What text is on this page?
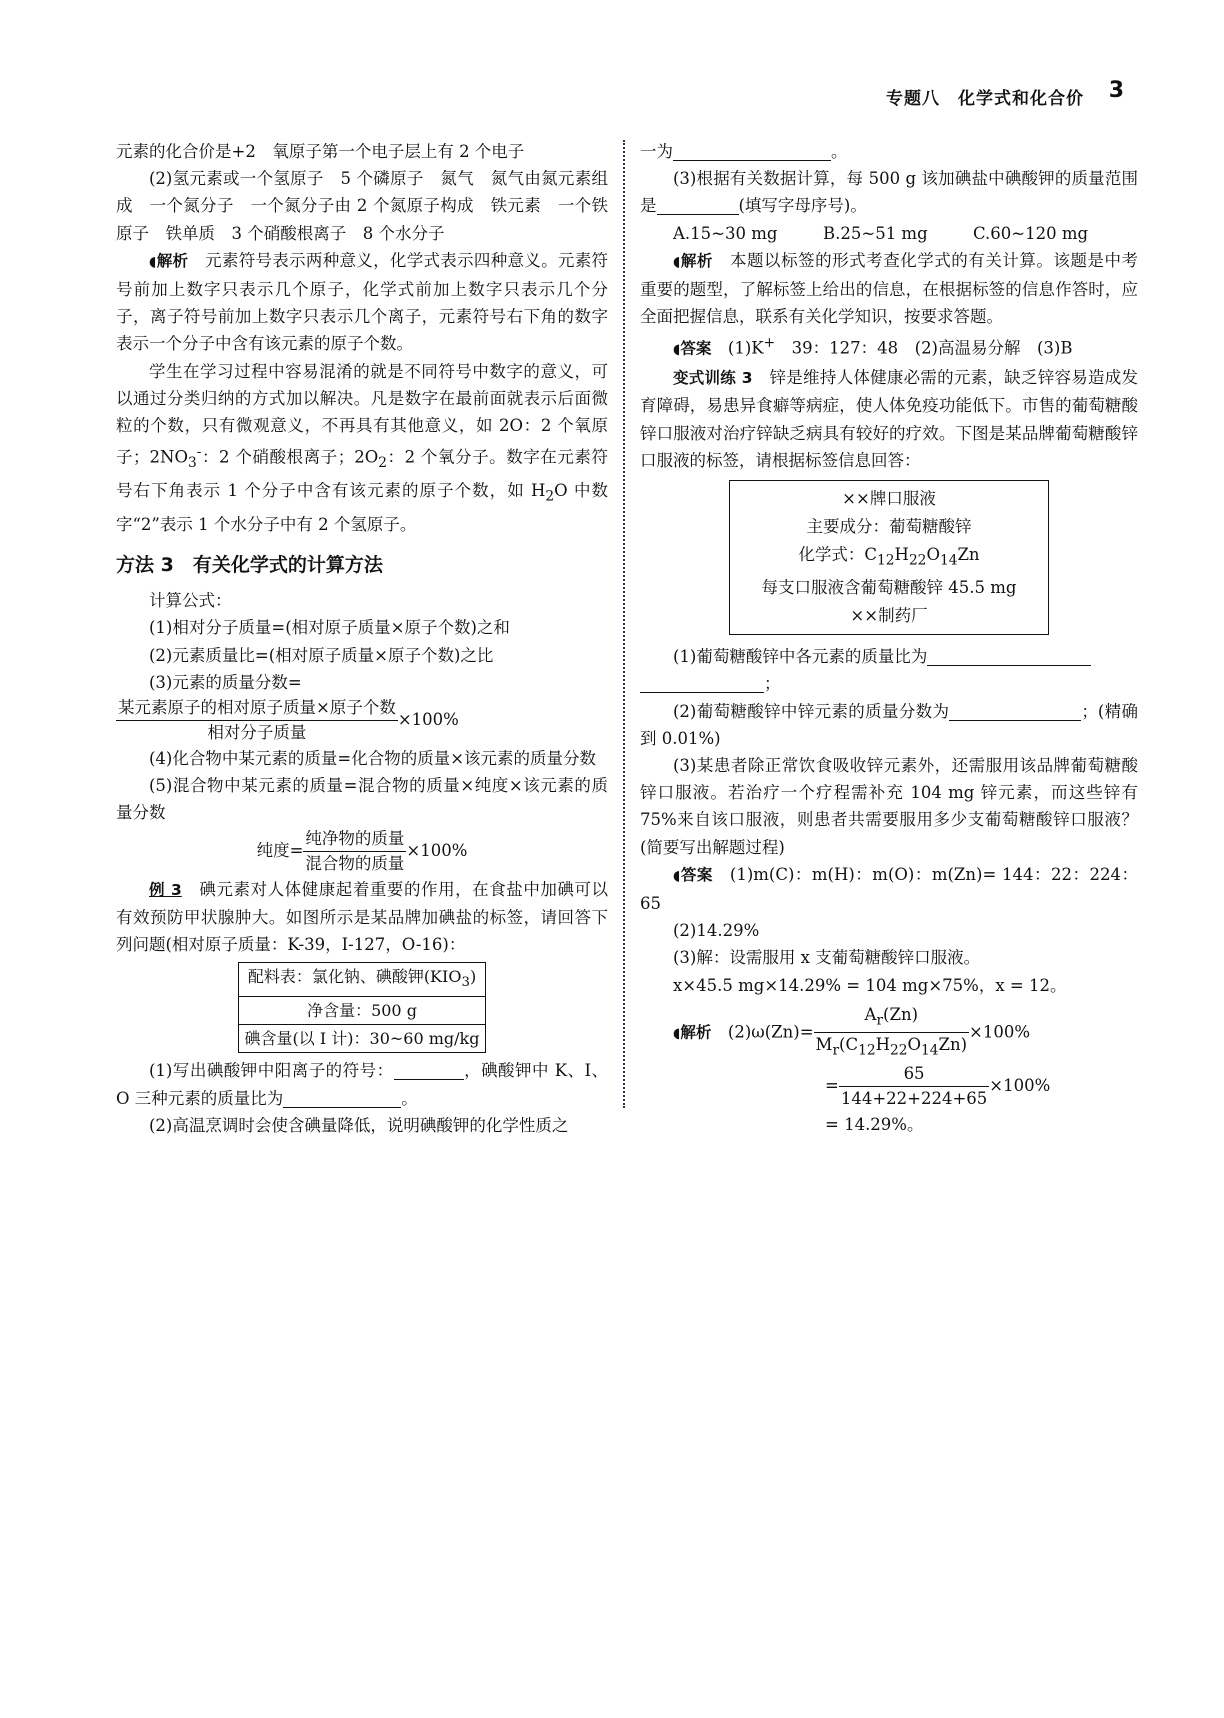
专题八　化学式和化合价 3

元素的化合价是+2　氧原子第一个电子层上有 2 个电子

(2)氢元素或一个氢原子　5 个磷原子　氮气　氮气由氮元素组成　一个氮分子　一个氮分子由 2 个氮原子构成　铁元素　一个铁原子　铁单质　3 个硝酸根离子　8 个水分子

◖解析　 元素符号表示两种意义，化学式表示四种意义。元素符号前加上数字只表示几个原子，化学式前加上数字只表示几个分子，离子符号前加上数字只表示几个离子，元素符号右下角的数字表示一个分子中含有该元素的原子个数。

学生在学习过程中容易混淆的就是不同符号中数字的意义，可以通过分类归纳的方式加以解决。凡是数字在最前面就表示后面微粒的个数，只有微观意义，不再具有其他意义，如 2O：2 个氧原子；$2NO_3^-$：2 个硝酸根离子；$2O_2$：2 个氧分子。数字在元素符号右下角表示 1 个分子中含有该元素的原子个数，如 $H_2O$ 中数字“2”表示 1 个水分子中有 2 个氢原子。

方法 3　有关化学式的计算方法

计算公式：

(1)相对分子质量=(相对原子质量×原子个数)之和

(2)元素质量比=(相对原子质量×原子个数)之比

(3)元素的质量分数=

$\frac{\text{某元素原子的相对原子质量×原子个数}}{\text{相对分子质量}} \times 100\%$

(4)化合物中某元素的质量=化合物的质量×该元素的质量分数

(5)混合物中某元素的质量=混合物的质量×纯度×该元素的质量分数

纯度= $\frac{\text{纯净物的质量}}{\text{混合物的质量}} \times 100\%$

例 3　 碘元素对人体健康起着重要的作用，在食盐中加碘可以有效预防甲状腺肿大。如图所示是某品牌加碘盐的标签，请回答下列问题(相对原子质量：K-39，I-127，O-16)：

配料表：氯化钠、碘酸钾$(KIO_3)$
净含量：500 g
碘含量(以 I 计)：30~60 mg/kg

(1)写出碘酸钾中阳离子的符号：	，碘酸钾中 K、I、O 三种元素的质量比为	。

(2)高温烹调时会使含碘量降低，说明碘酸钾的化学性质之

一为	。

(3)根据有关数据计算，每 500 g 该加碘盐中碘酸钾的质量范围是	(填写字母序号)。

A.15~30 mg	B.25~51 mg	C.60~120 mg

◖解析　 本题以标签的形式考查化学式的有关计算。该题是中考重要的题型，了解标签上给出的信息，在根据标签的信息作答时，应全面把握信息，联系有关化学知识，按要求答题。

◖答案　 (1)K+　39：127：48　(2)高温易分解　(3)B

变式训练 3　 锌是维持人体健康必需的元素，缺乏锌容易造成发育障碍，易患异食癖等病症，使人体免疫功能低下。市售的葡萄糖酸锌口服液对治疗锌缺乏病具有较好的疗效。下图是某品牌葡萄糖酸锌口服液的标签，请根据标签信息回答：

××牌口服液
主要成分：葡萄糖酸锌
化学式：$C_{12}H_{22}O_{14}Zn$
每支口服液含葡萄糖酸锌 45.5 mg
××制药厂

(1)葡萄糖酸锌中各元素的质量比为

；

(2)葡萄糖酸锌中锌元素的质量分数为	；(精确到 0.01%)

(3)某患者除正常饮食吸收锌元素外，还需服用该品牌葡萄糖酸锌口服液。若治疗一个疗程需补充 104 mg 锌元素，而这些锌有 75%来自该口服液，则患者共需要服用多少支葡萄糖酸锌口服液？(简要写出解题过程)

◖答案　 (1)m(C)：m(H)：m(O)：m(Zn)= 144：22：224：65

(2)14.29%

(3)解：设需服用 x 支葡萄糖酸锌口服液。

x×45.5 mg×14.29% = 104 mg×75%，x = 12。

◖解析　 $(2)\omega(Zn)= \frac{A_r(Zn)}{M_r(C_{12}H_{22}O_{14}Zn)} \times 100\%$
= $\frac{65}{144+22+224+65} \times 100\%$
= 14.29%。
